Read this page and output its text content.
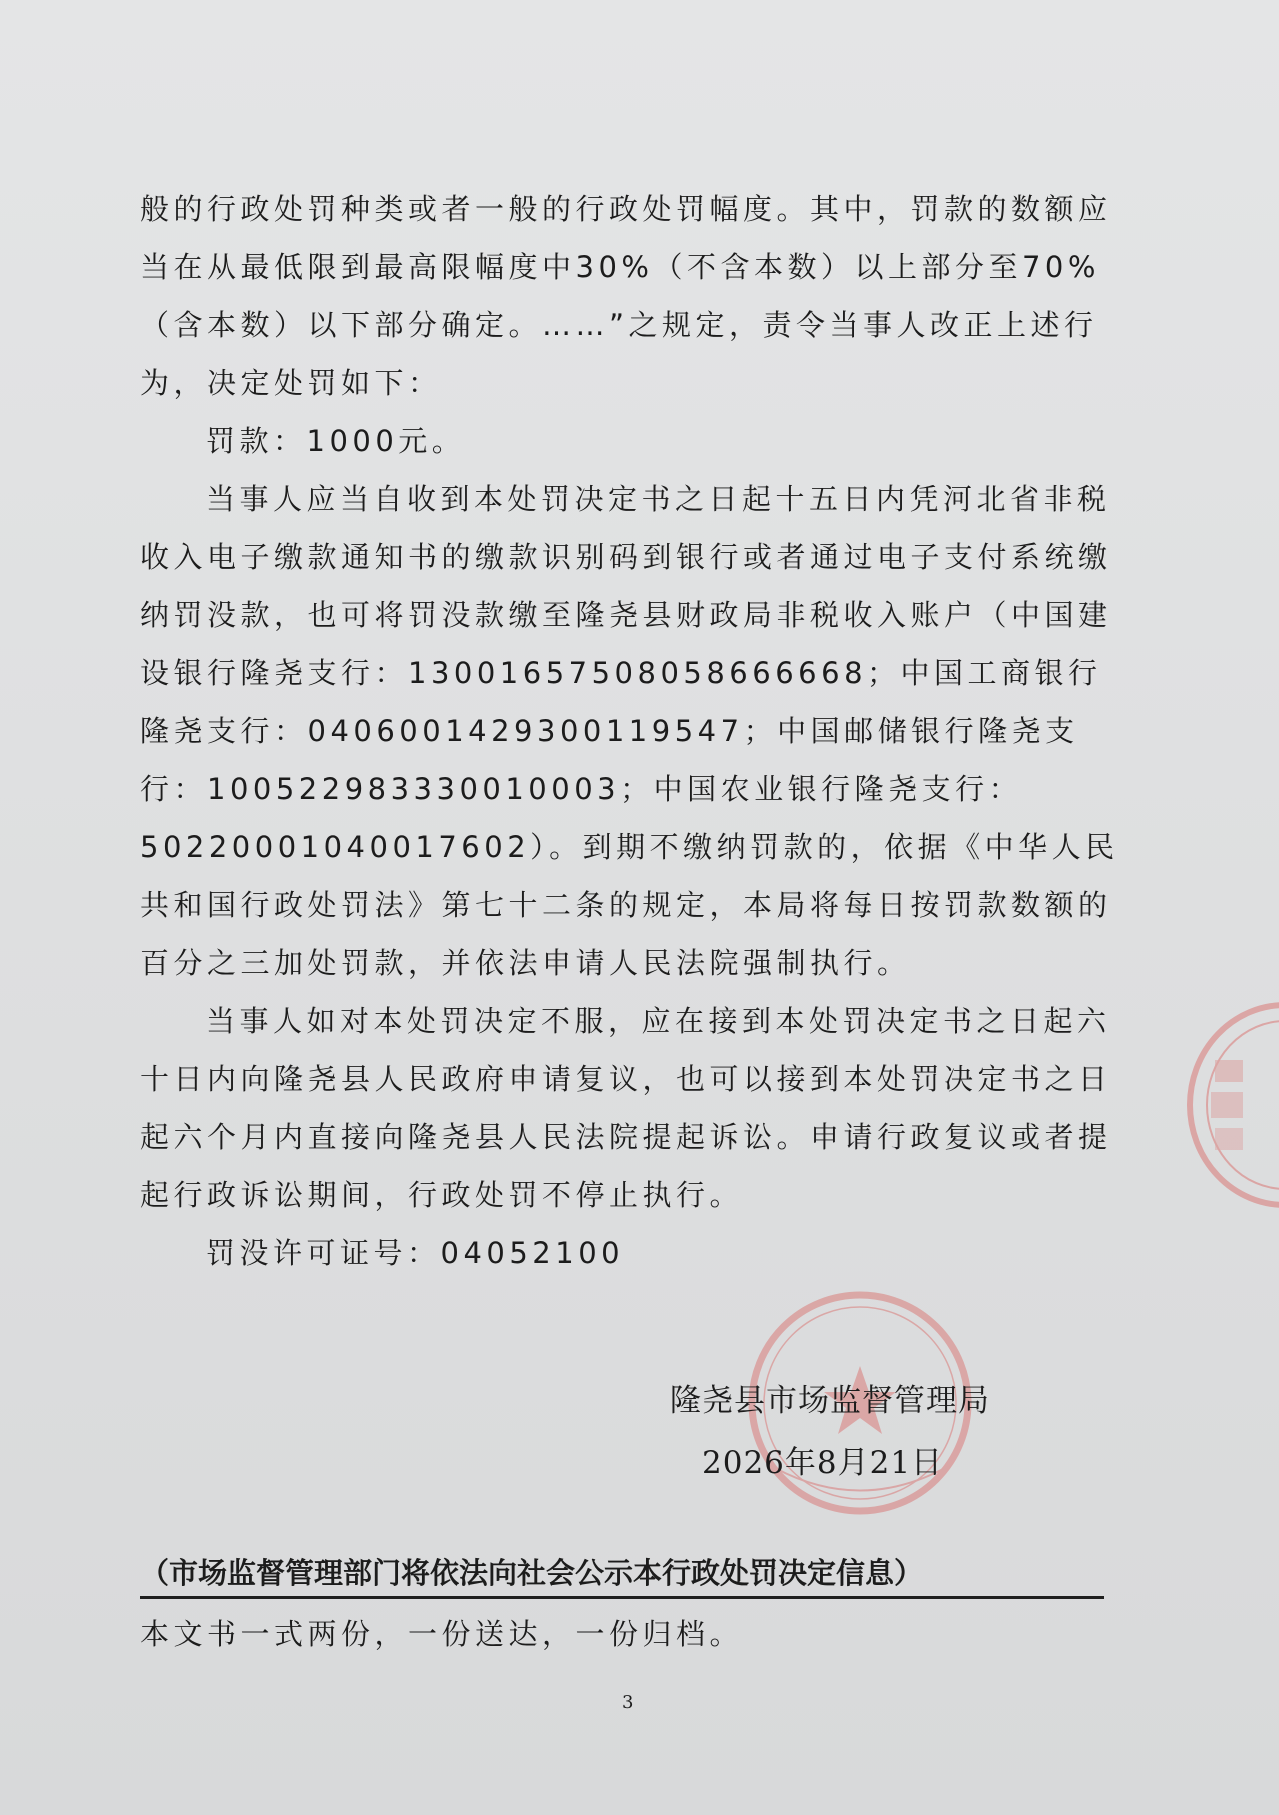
般的行政处罚种类或者一般的行政处罚幅度。其中，罚款的数额应当在从最低限到最高限幅度中30%（不含本数）以上部分至70%（含本数）以下部分确定。……”之规定，责令当事人改正上述行为，决定处罚如下：

罚款：1000元。

当事人应当自收到本处罚决定书之日起十五日内凭河北省非税收入电子缴款通知书的缴款识别码到银行或者通过电子支付系统缴纳罚没款，也可将罚没款缴至隆尧县财政局非税收入账户（中国建设银行隆尧支行：13001657508058666668；中国工商银行隆尧支行：0406001429300119547；中国邮储银行隆尧支行：100522983330010003；中国农业银行隆尧支行：50220001040017602）。到期不缴纳罚款的，依据《中华人民共和国行政处罚法》第七十二条的规定，本局将每日按罚款数额的百分之三加处罚款，并依法申请人民法院强制执行。

当事人如对本处罚决定不服，应在接到本处罚决定书之日起六十日内向隆尧县人民政府申请复议，也可以接到本处罚决定书之日起六个月内直接向隆尧县人民法院提起诉讼。申请行政复议或者提起行政诉讼期间，行政处罚不停止执行。

罚没许可证号：04052100

隆尧县市场监督管理局
2026年8月21日
（市场监督管理部门将依法向社会公示本行政处罚决定信息）
本文书一式两份，一份送达，一份归档。
3
